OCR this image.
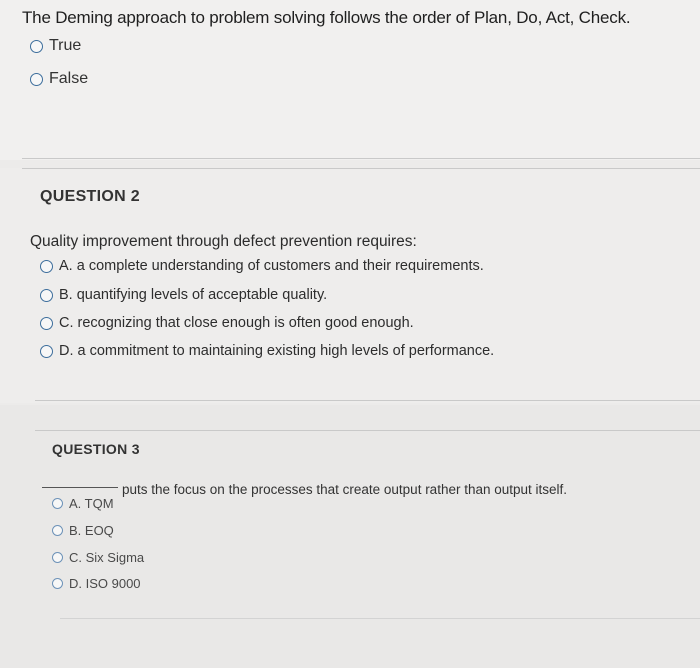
The Deming approach to problem solving follows the order of Plan, Do, Act, Check.
True
False
QUESTION 2
Quality improvement through defect prevention requires:
A. a complete understanding of customers and their requirements.
B. quantifying levels of acceptable quality.
C. recognizing that close enough is often good enough.
D. a commitment to maintaining existing high levels of performance.
QUESTION 3
puts the focus on the processes that create output rather than output itself.
A. TQM
B. EOQ
C. Six Sigma
D. ISO 9000
